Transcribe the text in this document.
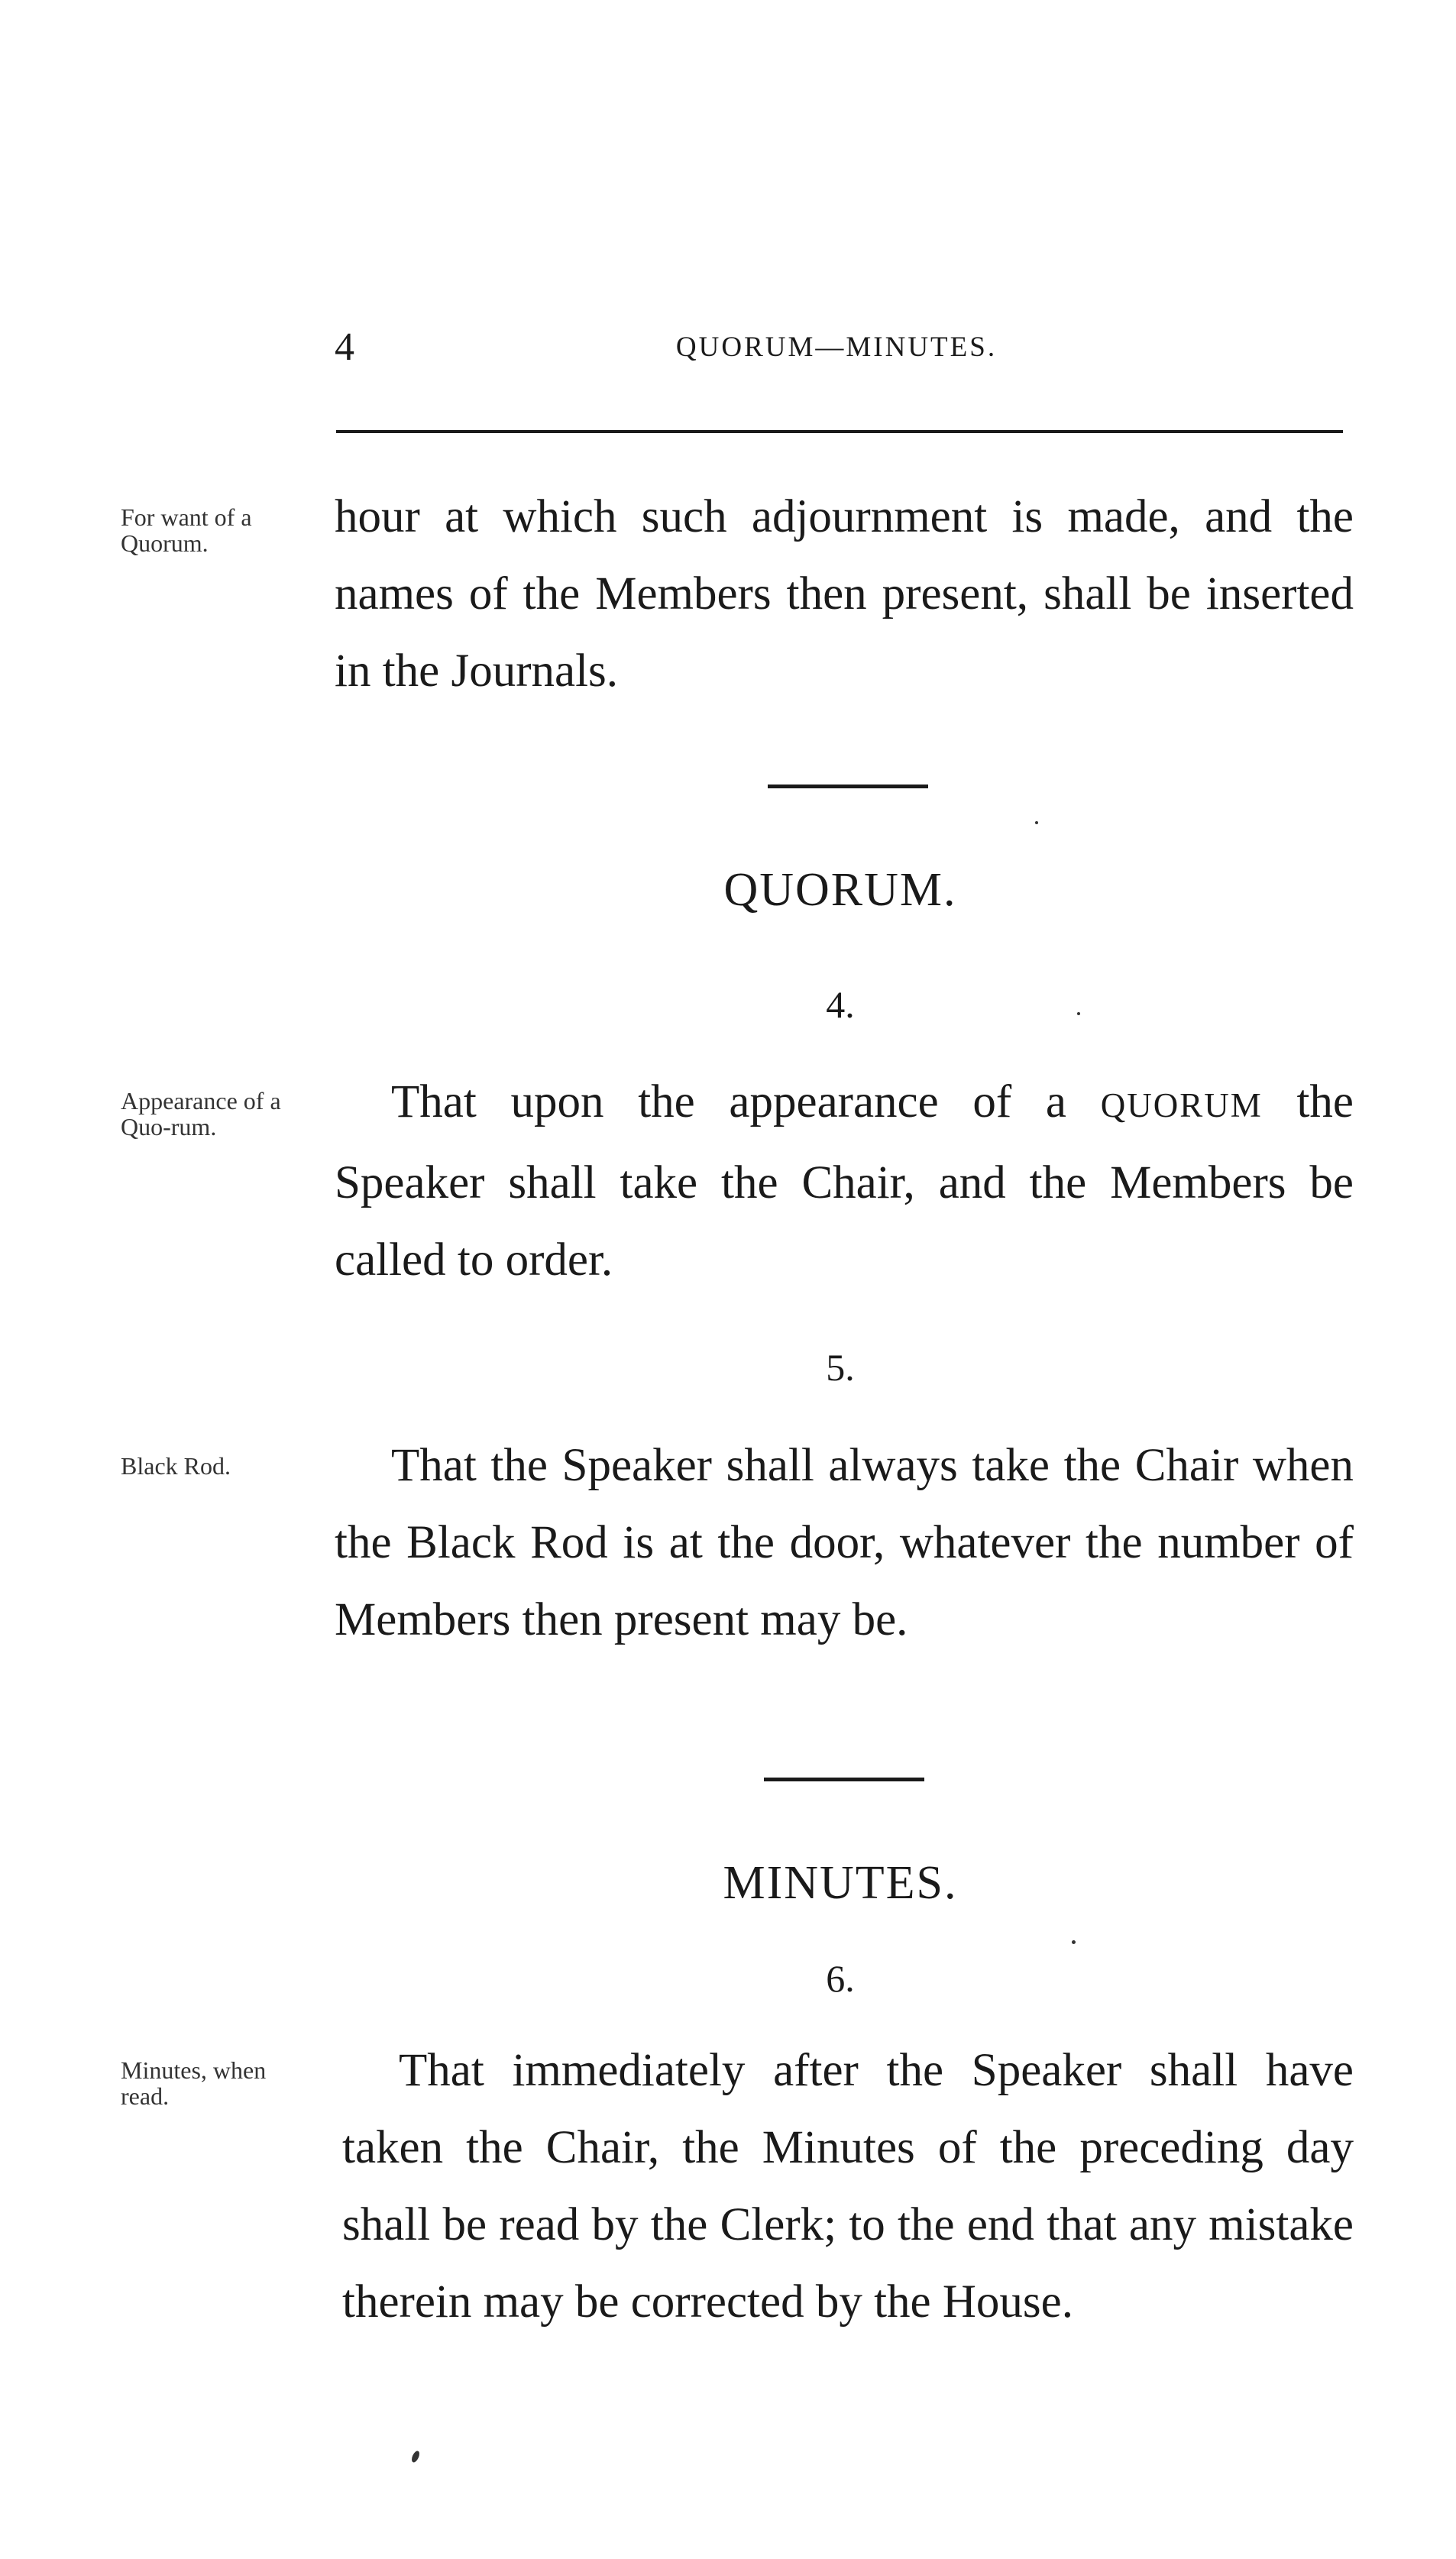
4	QUORUM—MINUTES.
For want of a Quorum.
hour at which such adjournment is made, and the names of the Members then present, shall be inserted in the Journals.
QUORUM.
4.
Appearance of a Quo-rum.	That upon the appearance of a QUORUM the Speaker shall take the Chair, and the Members be called to order.
5.
Black Rod.	That the Speaker shall always take the Chair when the Black Rod is at the door, whatever the number of Members then present may be.
MINUTES.
6.
Minutes, when read.	That immediately after the Speaker shall have taken the Chair, the Minutes of the preceding day shall be read by the Clerk; to the end that any mistake therein may be corrected by the House.
